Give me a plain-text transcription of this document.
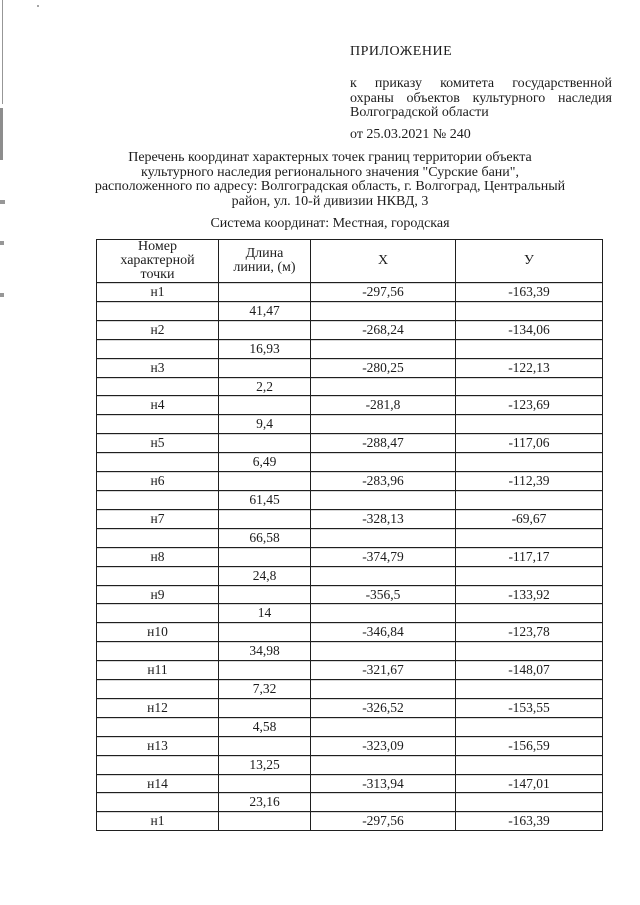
ПРИЛОЖЕНИЕ
к приказу комитета государственной
охраны объектов культурного наследия
Волгоградской области
от 25.03.2021 № 240
Перечень координат характерных точек границ территории объекта
культурного наследия регионального значения "Сурские бани",
расположенного по адресу: Волгоградская область, г. Волгоград, Центральный
район, ул. 10-й дивизии НКВД, 3
Система координат: Местная, городская
Номер характерной точки	Длина линии, (м)	X	У
н1		-297,56	-163,39
	41,47		
н2		-268,24	-134,06
	16,93		
н3		-280,25	-122,13
	2,2		
н4		-281,8	-123,69
	9,4		
н5		-288,47	-117,06
	6,49		
н6		-283,96	-112,39
	61,45		
н7		-328,13	-69,67
	66,58		
н8		-374,79	-117,17
	24,8		
н9		-356,5	-133,92
	14		
н10		-346,84	-123,78
	34,98		
н11		-321,67	-148,07
	7,32		
н12		-326,52	-153,55
	4,58		
н13		-323,09	-156,59
	13,25		
н14		-313,94	-147,01
	23,16		
н1		-297,56	-163,39
